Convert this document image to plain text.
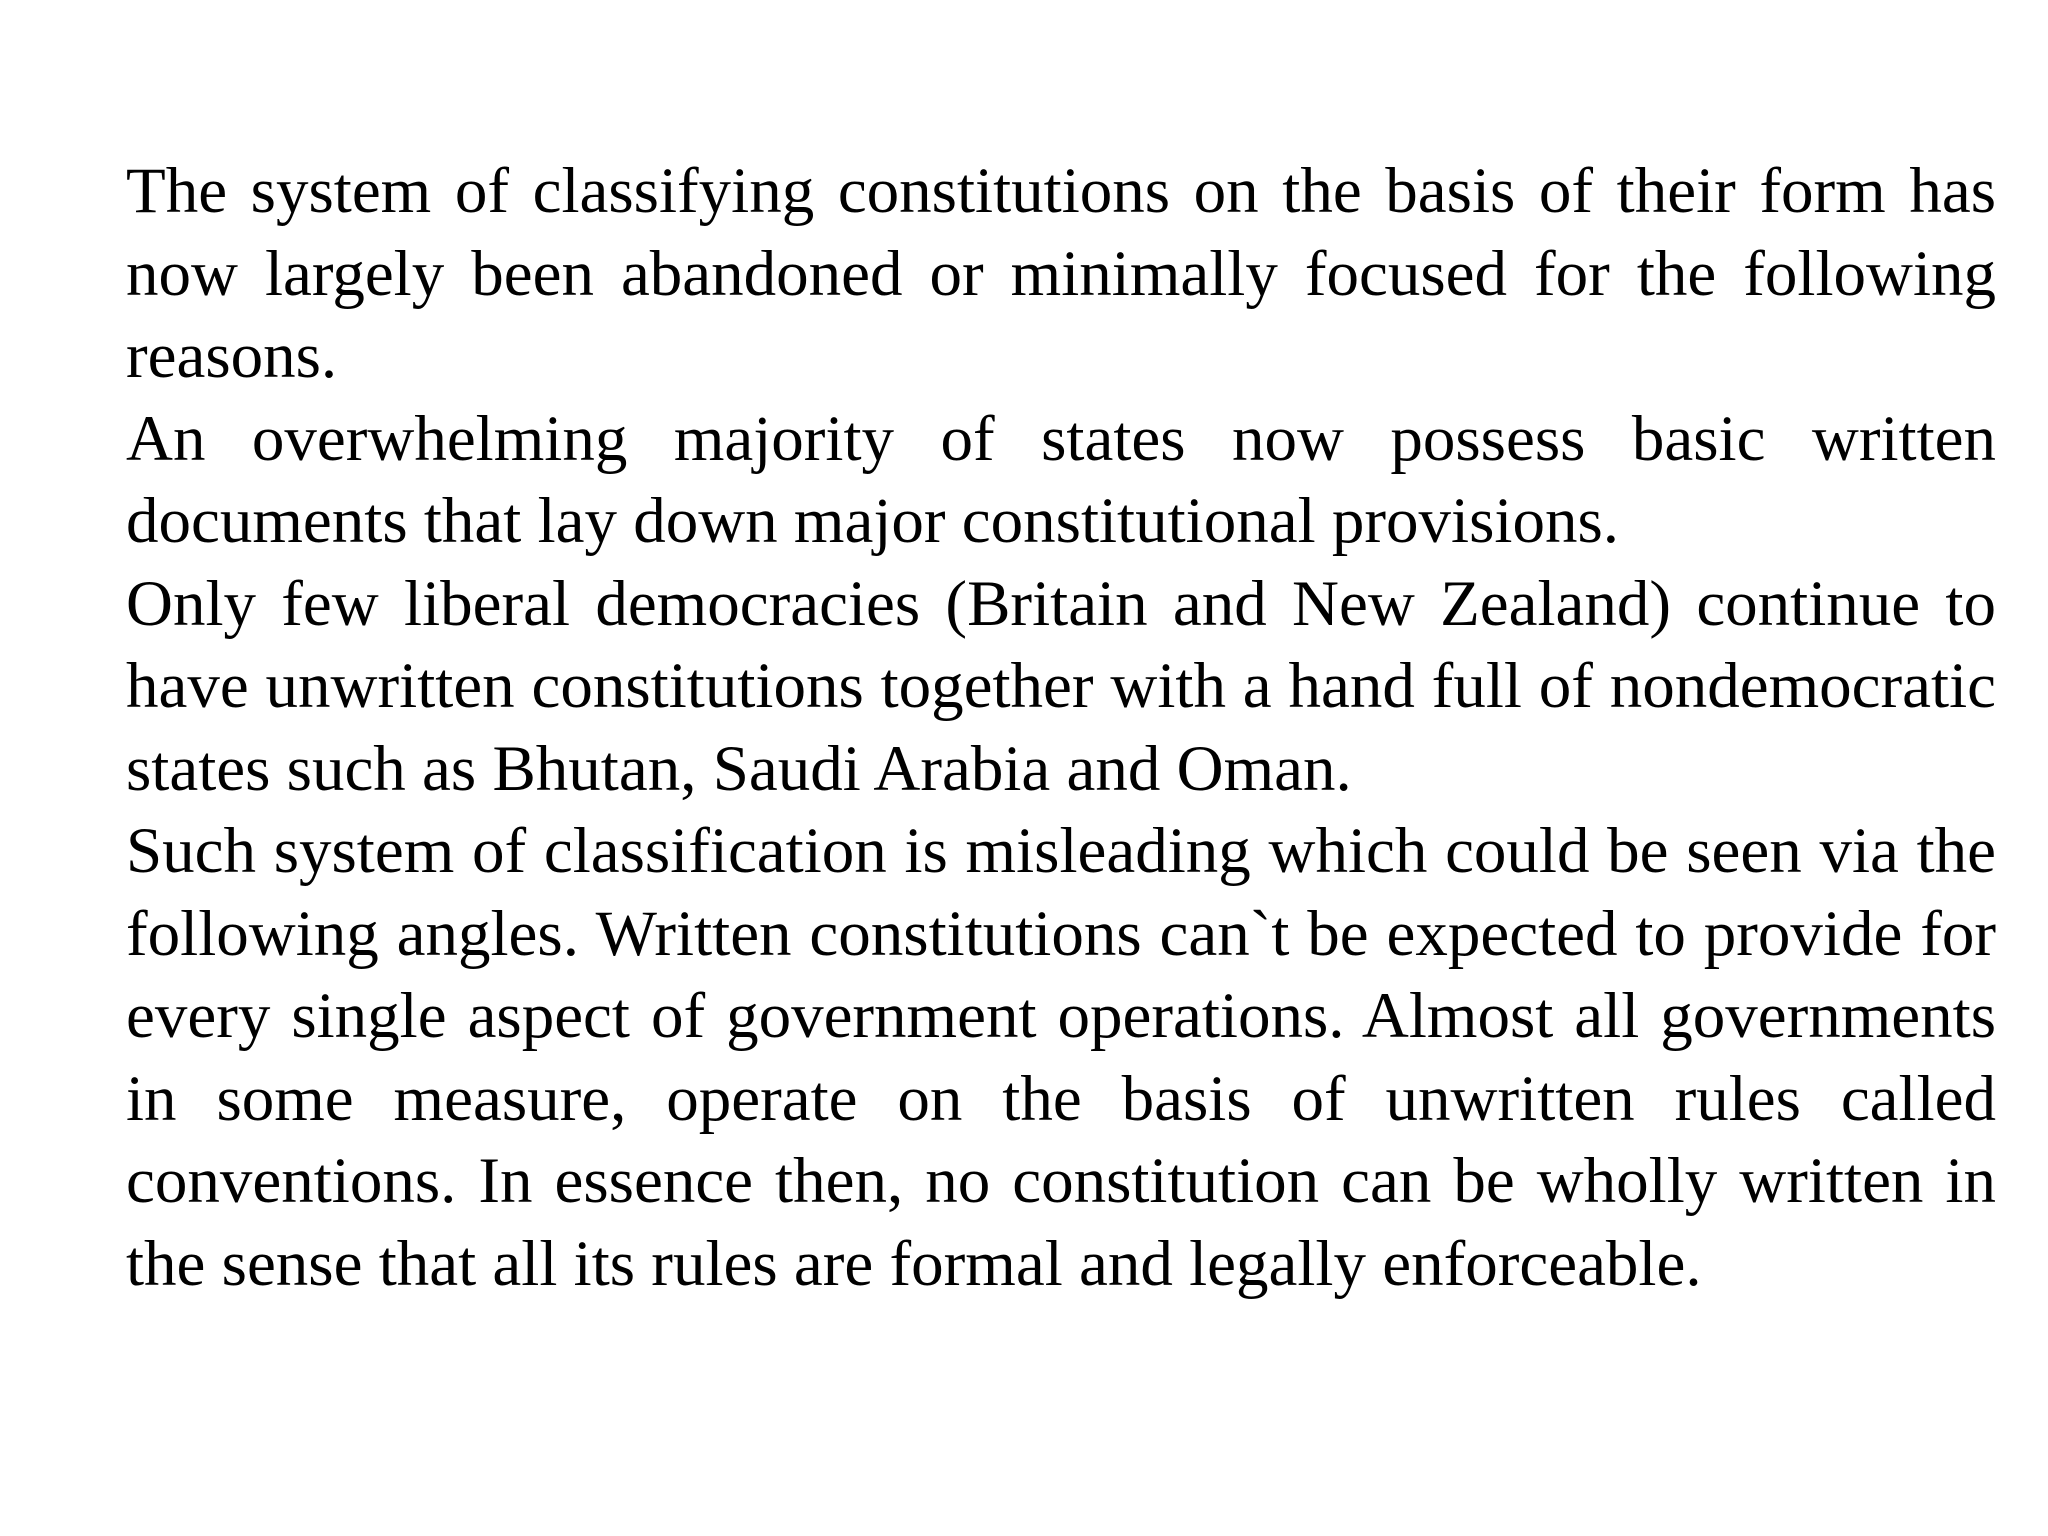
The system of classifying constitutions on the basis of their form has now largely been abandoned or minimally focused for the following reasons.

An overwhelming majority of states now possess basic written documents that lay down major constitutional provisions.

Only few liberal democracies (Britain and New Zealand) continue to have unwritten constitutions together with a hand full of nondemocratic states such as Bhutan, Saudi Arabia and Oman.

Such system of classification is misleading which could be seen via the following angles. Written constitutions can`t be expected to provide for every single aspect of government operations. Almost all governments in some measure, operate on the basis of unwritten rules called conventions. In essence then, no constitution can be wholly written in the sense that all its rules are formal and legally enforceable.
